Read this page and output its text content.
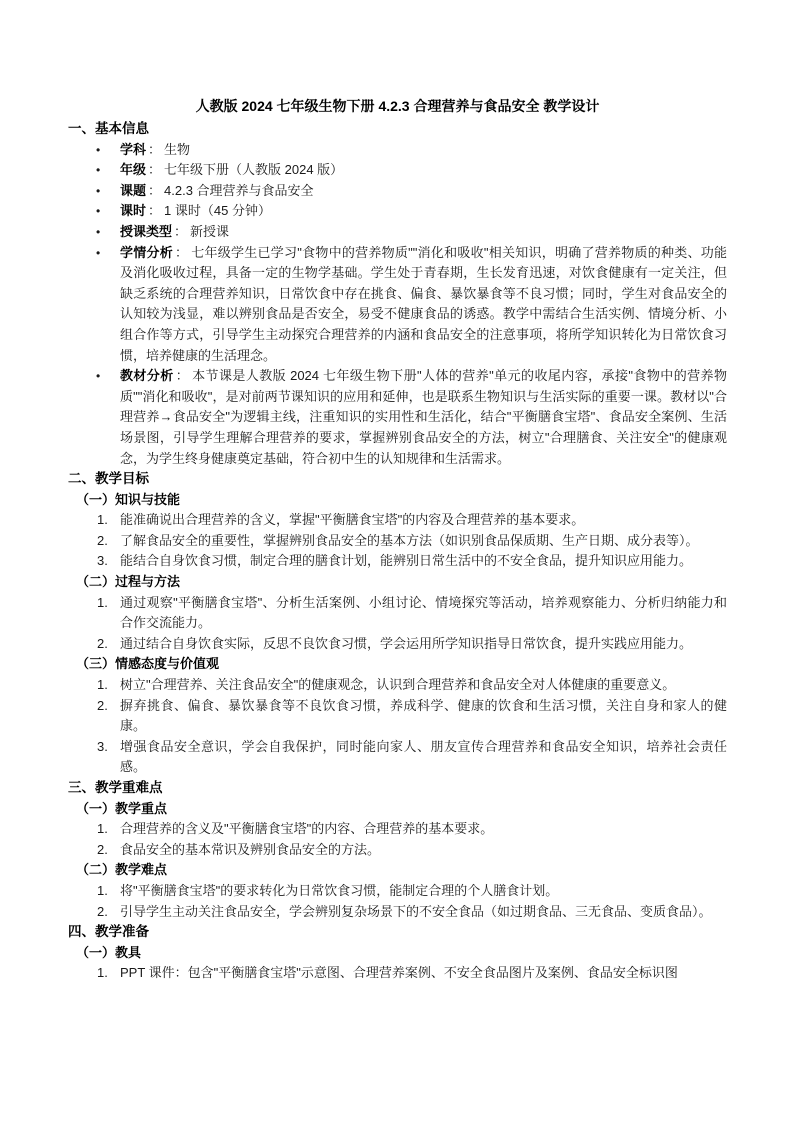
人教版 2024 七年级生物下册 4.2.3 合理营养与食品安全 教学设计
一、基本信息
• 学科 ： 生物
• 年级 ： 七年级下册（人教版 2024 版）
• 课题 ： 4.2.3 合理营养与食品安全
• 课时 ： 1 课时（45 分钟）
• 授课类型 ： 新授课
• 学情分析 ： 七年级学生已学习"食物中的营养物质""消化和吸收"相关知识，明确了营养物质的种类、功能及消化吸收过程，具备一定的生物学基础。学生处于青春期，生长发育迅速，对饮食健康有一定关注，但缺乏系统的合理营养知识，日常饮食中存在挑食、偏食、暴饮暴食等不良习惯；同时，学生对食品安全的认知较为浅显，难以辨别食品是否安全，易受不健康食品的诱惑。教学中需结合生活实例、情境分析、小组合作等方式，引导学生主动探究合理营养的内涵和食品安全的注意事项，将所学知识转化为日常饮食习惯，培养健康的生活理念。
• 教材分析 ： 本节课是人教版 2024 七年级生物下册"人体的营养"单元的收尾内容，承接"食物中的营养物质""消化和吸收"，是对前两节课知识的应用和延伸，也是联系生物知识与生活实际的重要一课。教材以"合理营养→食品安全"为逻辑主线，注重知识的实用性和生活化，结合"平衡膳食宝塔"、食品安全案例、生活场景图，引导学生理解合理营养的要求，掌握辨别食品安全的方法，树立"合理膳食、关注安全"的健康观念，为学生终身健康奠定基础，符合初中生的认知规律和生活需求。
二、教学目标
（一）知识与技能
1. 能准确说出合理营养的含义，掌握"平衡膳食宝塔"的内容及合理营养的基本要求。
2. 了解食品安全的重要性，掌握辨别食品安全的基本方法（如识别食品保质期、生产日期、成分表等）。
3. 能结合自身饮食习惯，制定合理的膳食计划，能辨别日常生活中的不安全食品，提升知识应用能力。
（二）过程与方法
1. 通过观察"平衡膳食宝塔"、分析生活案例、小组讨论、情境探究等活动，培养观察能力、分析归纳能力和合作交流能力。
2. 通过结合自身饮食实际，反思不良饮食习惯，学会运用所学知识指导日常饮食，提升实践应用能力。
（三）情感态度与价值观
1. 树立"合理营养、关注食品安全"的健康观念，认识到合理营养和食品安全对人体健康的重要意义。
2. 摒弃挑食、偏食、暴饮暴食等不良饮食习惯，养成科学、健康的饮食和生活习惯，关注自身和家人的健康。
3. 增强食品安全意识，学会自我保护，同时能向家人、朋友宣传合理营养和食品安全知识，培养社会责任感。
三、教学重难点
（一）教学重点
1. 合理营养的含义及"平衡膳食宝塔"的内容、合理营养的基本要求。
2. 食品安全的基本常识及辨别食品安全的方法。
（二）教学难点
1. 将"平衡膳食宝塔"的要求转化为日常饮食习惯，能制定合理的个人膳食计划。
2. 引导学生主动关注食品安全，学会辨别复杂场景下的不安全食品（如过期食品、三无食品、变质食品）。
四、教学准备
（一）教具
1. PPT 课件：包含"平衡膳食宝塔"示意图、合理营养案例、不安全食品图片及案例、食品安全标识图
